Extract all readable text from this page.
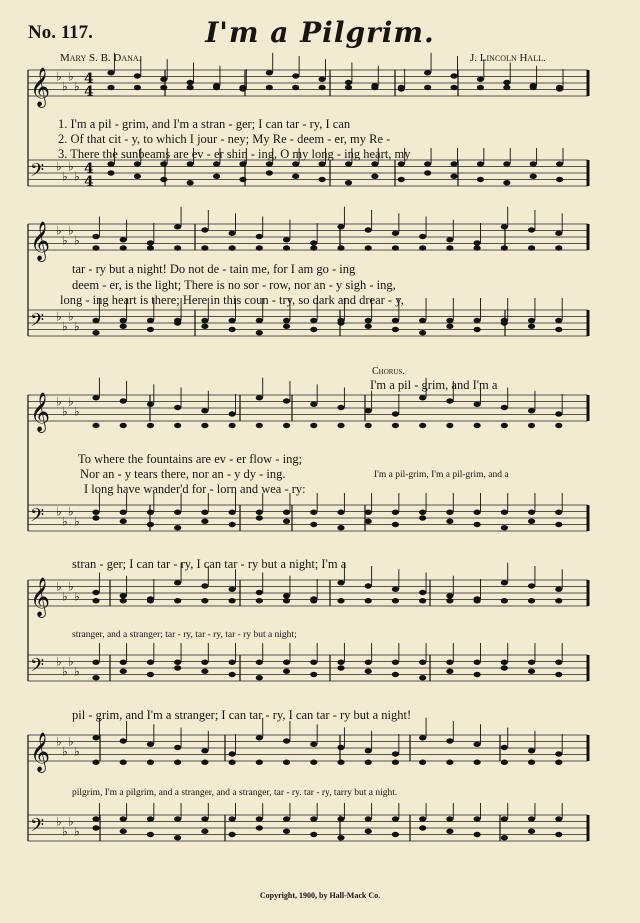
No. 117.	I'm a Pilgrim.
Mary S. B. Dana.	J. Lincoln Hall.
𝄞 ♭
♭
♭
♭ 4
4
𝄢 ♭
♭
♭
♭ 4
4
𝄞 ♭
♭
♭
♭
𝄢 ♭
♭
♭
♭
𝄞 ♭
♭
♭
♭
𝄢 ♭
♭
♭
♭
𝄞 ♭
♭
♭
♭
𝄢 ♭
♭
♭
♭
𝄞 ♭
♭
♭
♭
𝄢 ♭
♭
♭
♭
1. I'm a pil - grim, and I'm a stran - ger; I can tar - ry, I can
2. Of that cit - y, to which I jour - ney; My Re - deem - er, my Re -
3. There the sunbeams are ev - er shin - ing, O my long - ing heart, my
tar - ry but a night! Do not de - tain me, for I am go - ing
deem - er, is the light; There is no sor - row, nor an - y sigh - ing,
long - ing heart is there; Here in this coun - try, so dark and drear - y,
Chorus.
I'm a pil - grim, and I'm a
To where the fountains are ev - er flow - ing;
Nor an - y tears there, nor an - y dy - ing.
I long have wander'd for - lorn and wea - ry:
I'm a pil-grim, I'm a pil-grim, and a
stran - ger; I can tar - ry, I can tar - ry but a night; I'm a
stranger, and a stranger; tar - ry, tar - ry, tar - ry but a night;
pil - grim, and I'm a stranger; I can tar - ry, I can tar - ry but a night!
pilgrim, I'm a pilgrim, and a stranger, and a stranger, tar - ry. tar - ry, tarry but a night.
Copyright, 1900, by Hall-Mack Co.
